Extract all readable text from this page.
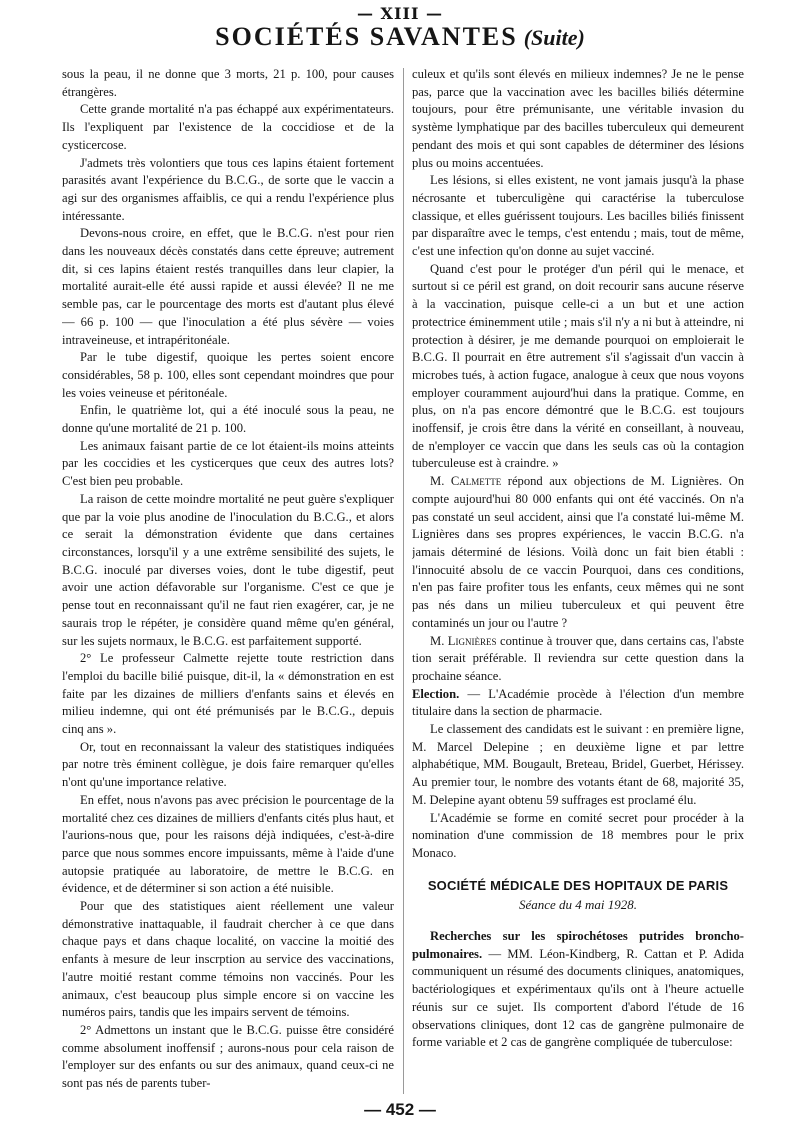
— XIII —
SOCIÉTÉS SAVANTES (Suite)

sous la peau, il ne donne que 3 morts, 21 p. 100, pour causes étrangères.

Cette grande mortalité n'a pas échappé aux expérimentateurs. Ils l'expliquent par l'existence de la coccidiose et de la cysticercose.

J'admets très volontiers que tous ces lapins étaient fortement parasités avant l'expérience du B.C.G., de sorte que le vaccin a agi sur des organismes affaiblis, ce qui a rendu l'expérience plus intéressante.

Devons-nous croire, en effet, que le B.C.G. n'est pour rien dans les nouveaux décès constatés dans cette épreuve; autrement dit, si ces lapins étaient restés tranquilles dans leur clapier, la mortalité aurait-elle été aussi rapide et aussi élevée? Il ne me semble pas, car le pourcentage des morts est d'autant plus élevé — 66 p. 100 — que l'inoculation a été plus sévère — voies intraveineuse, et intrapéritonéale.

Par le tube digestif, quoique les pertes soient encore considérables, 58 p. 100, elles sont cependant moindres que pour les voies veineuse et péritonéale.

Enfin, le quatrième lot, qui a été inoculé sous la peau, ne donne qu'une mortalité de 21 p. 100.

Les animaux faisant partie de ce lot étaient-ils moins atteints par les coccidies et les cysticerques que ceux des autres lots? C'est bien peu probable.

La raison de cette moindre mortalité ne peut guère s'expliquer que par la voie plus anodine de l'inoculation du B.C.G., et alors ce serait la démonstration évidente que dans certaines circonstances, lorsqu'il y a une extrême sensibilité des sujets, le B.C.G. inoculé par diverses voies, dont le tube digestif, peut avoir une action défavorable sur l'organisme. C'est ce que je pense tout en reconnaissant qu'il ne faut rien exagérer, car, je ne saurais trop le répéter, je considère quand même qu'en général, sur les sujets normaux, le B.C.G. est parfaitement supporté.

2° Le professeur Calmette rejette toute restriction dans l'emploi du bacille bilié puisque, dit-il, la « démonstration en est faite par les dizaines de milliers d'enfants sains et élevés en milieu indemne, qui ont été prémunisés par le B.C.G., depuis cinq ans ».

Or, tout en reconnaissant la valeur des statistiques indiquées par notre très éminent collègue, je dois faire remarquer qu'elles n'ont qu'une importance relative.

En effet, nous n'avons pas avec précision le pourcentage de la mortalité chez ces dizaines de milliers d'enfants cités plus haut, et l'aurions-nous que, pour les raisons déjà indiquées, c'est-à-dire parce que nous sommes encore impuissants, même à l'aide d'une autopsie pratiquée au laboratoire, de mettre le B.C.G. en évidence, et de déterminer si son action a été nuisible.

Pour que des statistiques aient réellement une valeur démonstrative inattaquable, il faudrait chercher à ce que dans chaque pays et dans chaque localité, on vaccine la moitié des enfants à mesure de leur inscrption au service des vaccinations, l'autre moitié restant comme témoins non vaccinés. Pour les animaux, c'est beaucoup plus simple encore si on vaccine les numéros pairs, tandis que les impairs servent de témoins.

2° Admettons un instant que le B.C.G. puisse être considéré comme absolument inoffensif ; aurons-nous pour cela raison de l'employer sur des enfants ou sur des animaux, quand ceux-ci ne sont pas nés de parents tuber-

culeux et qu'ils sont élevés en milieux indemnes? Je ne le pense pas, parce que la vaccination avec les bacilles biliés détermine toujours, pour être prémunisante, une véritable invasion du système lymphatique par des bacilles tuberculeux qui demeurent pendant des mois et qui sont capables de déterminer des lésions plus ou moins accentuées.

Les lésions, si elles existent, ne vont jamais jusqu'à la phase nécrosante et tuberculigène qui caractérise la tuberculose classique, et elles guérissent toujours. Les bacilles biliés finissent par disparaître avec le temps, c'est entendu ; mais, tout de même, c'est une infection qu'on donne au sujet vacciné.

Quand c'est pour le protéger d'un péril qui le menace, et surtout si ce péril est grand, on doit recourir sans aucune réserve à la vaccination, puisque celle-ci a un but et une action protectrice éminemment utile ; mais s'il n'y a ni but à atteindre, ni protection à désirer, je me demande pourquoi on emploierait le B.C.G. Il pourrait en être autrement s'il s'agissait d'un vaccin à microbes tués, à action fugace, analogue à ceux que nous voyons employer couramment aujourd'hui dans la pratique. Comme, en plus, on n'a pas encore démontré que le B.C.G. est toujours inoffensif, je crois être dans la vérité en conseillant, à nouveau, de n'employer ce vaccin que dans les seuls cas où la contagion tuberculeuse est à craindre. »

M. Calmette répond aux objections de M. Lignières. On compte aujourd'hui 80 000 enfants qui ont été vaccinés. On n'a pas constaté un seul accident, ainsi que l'a constaté lui-même M. Lignières dans ses propres expériences, le vaccin B.C.G. n'a jamais déterminé de lésions. Voilà donc un fait bien établi : l'innocuité absolu de ce vaccin Pourquoi, dans ces conditions, n'en pas faire profiter tous les enfants, ceux mêmes qui ne sont pas nés dans un milieu tuberculeux et qui peuvent être contaminés un jour ou l'autre ?

M. Lignières continue à trouver que, dans certains cas, l'abste tion serait préférable. Il reviendra sur cette question dans la prochaine séance.

Election. — L'Académie procède à l'élection d'un membre titulaire dans la section de pharmacie.

Le classement des candidats est le suivant : en première ligne, M. Marcel Delepine ; en deuxième ligne et par lettre alphabétique, MM. Bougault, Breteau, Bridel, Guerbet, Hérissey. Au premier tour, le nombre des votants étant de 68, majorité 35, M. Delepine ayant obtenu 59 suffrages est proclamé élu.

L'Académie se forme en comité secret pour procéder à la nomination d'une commission de 18 membres pour le prix Monaco.

SOCIÉTÉ MÉDICALE DES HOPITAUX DE PARIS
Séance du 4 mai 1928.

Recherches sur les spirochétoses putrides broncho-pulmonaires. — MM. Léon-Kindberg, R. Cattan et P. Adida communiquent un résumé des documents cliniques, anatomiques, bactériologiques et expérimentaux qu'ils ont à l'heure actuelle réunis sur ce sujet. Ils comportent d'abord l'étude de 16 observations cliniques, dont 12 cas de gangrène pulmonaire de forme variable et 2 cas de gangrène compliquée de tuberculose:

— 452 —
